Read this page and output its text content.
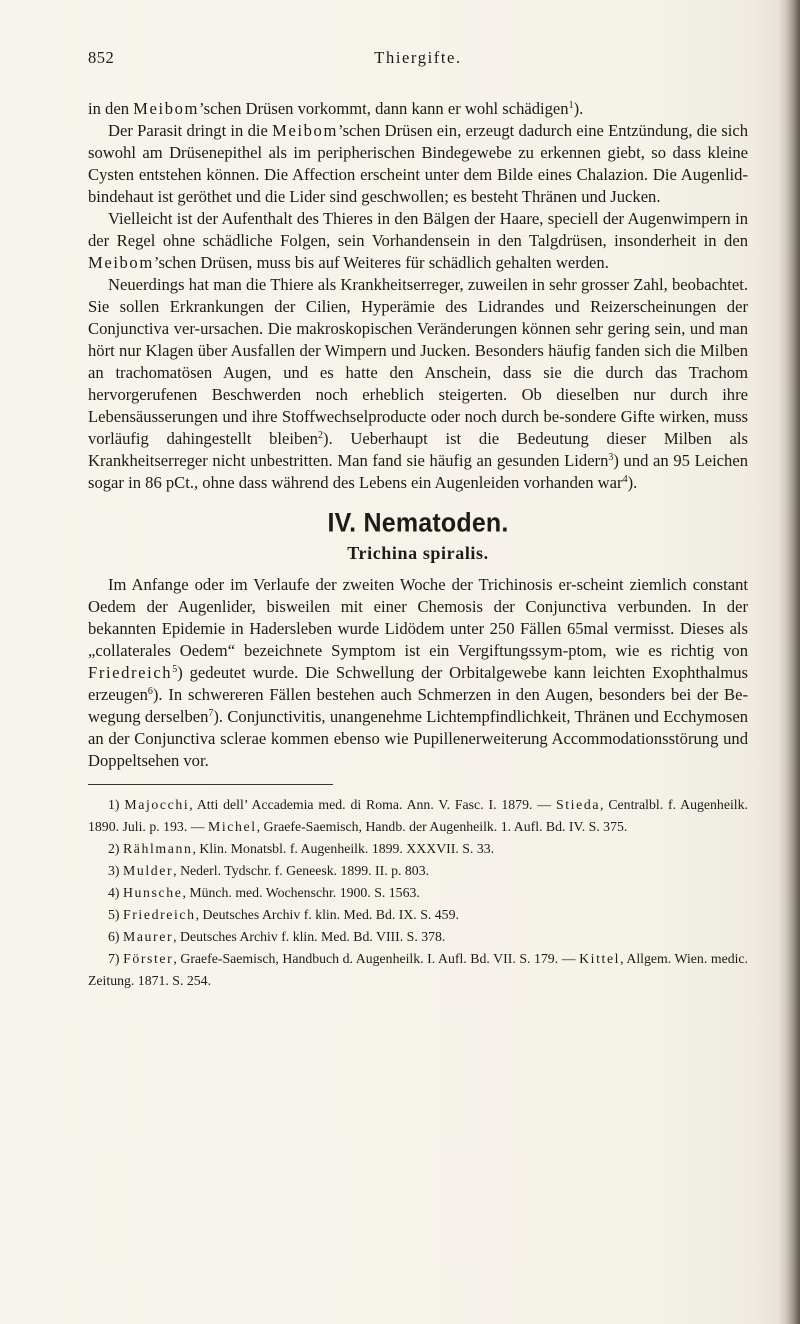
852	Thiergifte.

in den Meibom’schen Drüsen vorkommt, dann kann er wohl schädigen$^1$).

Der Parasit dringt in die Meibom’schen Drüsen ein, erzeugt dadurch eine Entzündung, die sich sowohl am Drüsenepithel als im peripherischen Bindegewebe zu erkennen giebt, so dass kleine Cysten entstehen können. Die Affection erscheint unter dem Bilde eines Chalazion. Die Augenlid-bindehaut ist geröthet und die Lider sind geschwollen; es besteht Thränen und Jucken.

Vielleicht ist der Aufenthalt des Thieres in den Bälgen der Haare, speciell der Augenwimpern in der Regel ohne schädliche Folgen, sein Vorhandensein in den Talgdrüsen, insonderheit in den Meibom’schen Drüsen, muss bis auf Weiteres für schädlich gehalten werden.

Neuerdings hat man die Thiere als Krankheitserreger, zuweilen in sehr grosser Zahl, beobachtet. Sie sollen Erkrankungen der Cilien, Hyperämie des Lidrandes und Reizerscheinungen der Conjunctiva ver-ursachen. Die makroskopischen Veränderungen können sehr gering sein, und man hört nur Klagen über Ausfallen der Wimpern und Jucken. Besonders häufig fanden sich die Milben an trachomatösen Augen, und es hatte den Anschein, dass sie die durch das Trachom hervorgerufenen Beschwerden noch erheblich steigerten. Ob dieselben nur durch ihre Lebensäusserungen und ihre Stoffwechselproducte oder noch durch be-sondere Gifte wirken, muss vorläufig dahingestellt bleiben$^2$). Ueberhaupt ist die Bedeutung dieser Milben als Krankheitserreger nicht unbestritten. Man fand sie häufig an gesunden Lidern$^3$) und an 95 Leichen sogar in 86 pCt., ohne dass während des Lebens ein Augenleiden vorhanden war$^4$).

IV. Nematoden.
Trichina spiralis.

Im Anfange oder im Verlaufe der zweiten Woche der Trichinosis er-scheint ziemlich constant Oedem der Augenlider, bisweilen mit einer Chemosis der Conjunctiva verbunden. In der bekannten Epidemie in Hadersleben wurde Lidödem unter 250 Fällen 65mal vermisst. Dieses als „collaterales Oedem“ bezeichnete Symptom ist ein Vergiftungssym-ptom, wie es richtig von Friedreich$^5$) gedeutet wurde. Die Schwellung der Orbitalgewebe kann leichten Exophthalmus erzeugen$^6$). In schwereren Fällen bestehen auch Schmerzen in den Augen, besonders bei der Be-wegung derselben$^7$). Conjunctivitis, unangenehme Lichtempfindlichkeit, Thränen und Ecchymosen an der Conjunctiva sclerae kommen ebenso wie Pupillenerweiterung Accommodationsstörung und Doppeltsehen vor.

1) Majocchi, Atti dell’ Accademia med. di Roma. Ann. V. Fasc. I. 1879. — Stieda, Centralbl. f. Augenheilk. 1890. Juli. p. 193. — Michel, Graefe-Saemisch, Handb. der Augenheilk. 1. Aufl. Bd. IV. S. 375.

2) Rählmann, Klin. Monatsbl. f. Augenheilk. 1899. XXXVII. S. 33.

3) Mulder, Nederl. Tydschr. f. Geneesk. 1899. II. p. 803.

4) Hunsche, Münch. med. Wochenschr. 1900. S. 1563.

5) Friedreich, Deutsches Archiv f. klin. Med. Bd. IX. S. 459.

6) Maurer, Deutsches Archiv f. klin. Med. Bd. VIII. S. 378.

7) Förster, Graefe-Saemisch, Handbuch d. Augenheilk. I. Aufl. Bd. VII. S. 179. — Kittel, Allgem. Wien. medic. Zeitung. 1871. S. 254.
